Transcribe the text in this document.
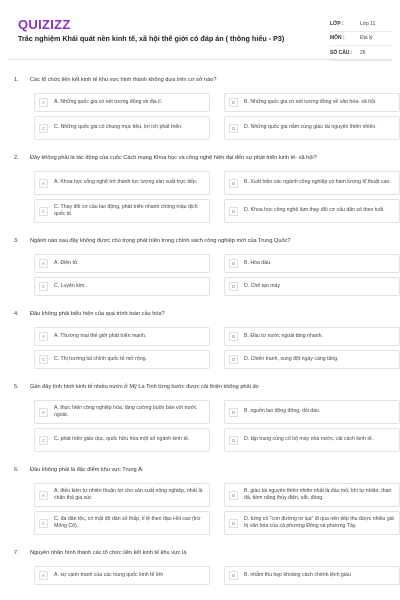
QUIZIZZ
Trắc nghiệm Khái quát nền kinh tế, xã hội thế giới có đáp án ( thông hiểu - P3)
LỚP :	Lớp 11
MÔN :	Địa lý
SỐ CÂU :	26
1.	Các tổ chức liên kết kinh tế khu vực hình thành không dựa trên cơ sở nào?
A	A. Những quốc gia có nét tương đồng về địa lí.	B	B. Những quốc gia có nét tương đồng về văn hóa- xã hội.
C	C. Những quốc gia có chung mục tiêu, lợi ích phát triển.	D	D. Những quốc gia nằm cùng giàu tài nguyên thiên nhiên.
2.	Đây không phải là tác động của cuộc Cách mạng Khoa học và công nghệ hiện đại đến sự phát triển kinh tế- xã hội?
A	A. Khoa học công nghệ trở thành lực lượng sản xuất trực tiếp.	B	B. Xuất hiện các ngành công nghiệp có hàm lượng kĩ thuật cao.
C
C. Thay đổi cơ cấu lao động, phát triển nhanh chóng mậu dịch quốc tế.	D	D. Khoa học công nghệ làm thay đổi cơ cấu dân số theo tuổi.
3.	Ngành nào sau đây không được chú trọng phát triển trong chính sách công nghiệp mới của Trung Quốc?
A	A. Điện tử.	B	B. Hóa dầu.
C	C. Luyện kim.	D	D. Chế tạo máy
4.	Đâu không phải biểu hiện của quá trình toàn cầu hóa?
A	A. Thương mại thế giới phát triển mạnh.	B	B. Đầu tư nước ngoài tăng nhanh.
C	C. Thị trường tài chính quốc tế mở rộng.	D	D. Chiến tranh, xung đột ngày càng tăng.
5.	Gần đây tình hình kinh tế nhiều nước ở Mỹ La Tinh từng bước được cải thiện không phải do
A
A. thực hiện công nghiệp hóa, tăng cường buôn bán với nước ngoài.	B	B. nguồn lao động đông, dồi dào.
C	C. phát triển giáo dục, quốc hữu hóa một số ngành kinh tế.	D	D. tập trung củng cố bộ máy nhà nước, cải cách kinh tế.
6.	Đâu không phải là đặc điểm khu vực Trung Á:
A
A. điều kiện tự nhiên thuận lợi cho sản xuất nông nghiệp, nhất là chăn thả gia súc	B
B. giàu tài nguyên thiên nhiên nhất là dầu mỏ, khí tự nhiên, than đá, tiềm năng thủy điện, sắt, đồng.
C
C. đa dân tộc, có mật độ dân số thấp, tỉ lệ theo đạo Hồi cao (trừ Mông Cổ).	D
D. từng có "con đường tơ lụa" đi qua nên tiếp thu được nhiều giá trị văn hóa của cả phương Đông và phương Tây.
7.	Nguyên nhân hình thành các tổ chức liên kết kinh tế khu vực là
A	A. sự cạnh tranh của các trung quốc kinh tế lớn	B	B. nhằm thu hẹp khoảng cách chênh lệch giàu
